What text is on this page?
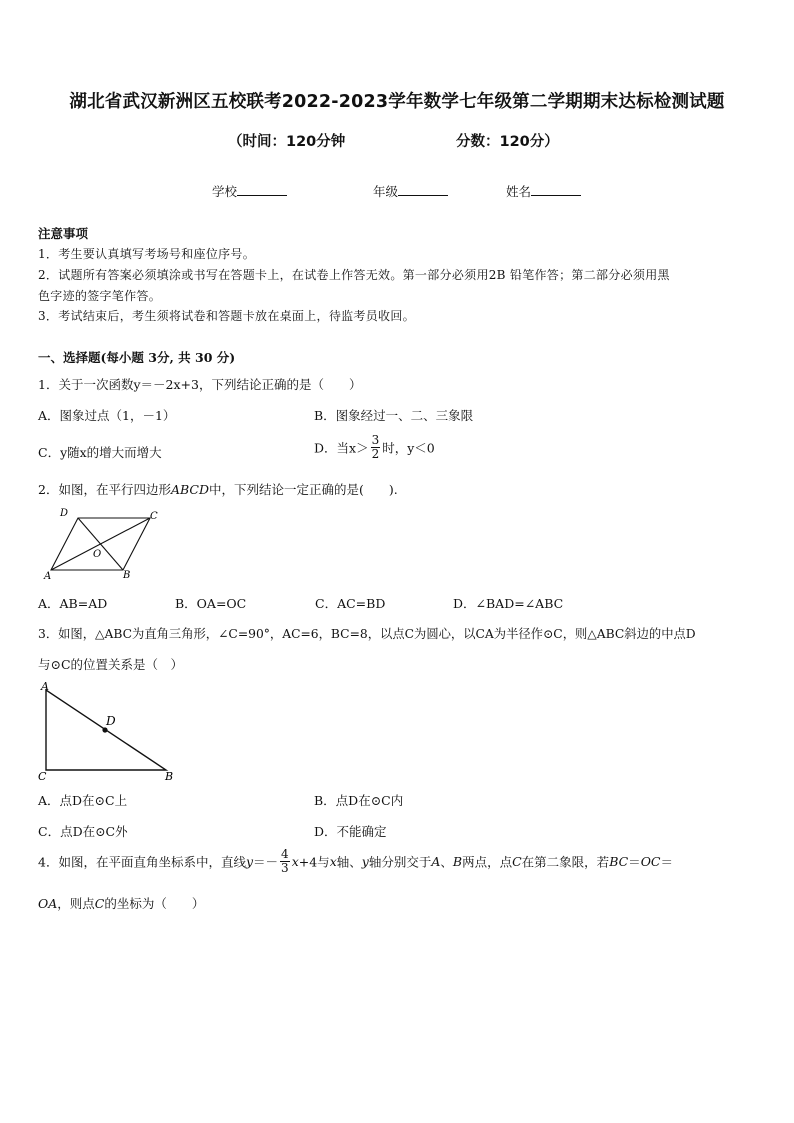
湖北省武汉新洲区五校联考2022-2023学年数学七年级第二学期期末达标检测试题
（时间：120分钟	分数：120分）
学校	年级	姓名
注意事项
1．考生要认真填写考场号和座位序号。
2．试题所有答案必须填涂或书写在答题卡上，在试卷上作答无效。第一部分必须用2B 铅笔作答；第二部分必须用黑
色字迹的签字笔作答。
3．考试结束后，考生须将试卷和答题卡放在桌面上，待监考员收回。
一、选择题(每小题 3分, 共 30 分)
1．关于一次函数y＝－2x+3，下列结论正确的是（　　）
A．图象过点（1，－1）	B．图象经过一、二、三象限
C．y随x的增大而增大	D．当$x> \frac{3}{2}$ 时，y＜0
2．如图，在平行四边形ABCD中，下列结论一定正确的是(　　).
D	C
A	B
O
A．AB=AD	B．OA=OC	C．AC=BD	D．∠BAD=∠ABC
3．如图，△ABC为直角三角形，∠C=90°，AC=6，BC=8，以点C为圆心，以CA为半径作⊙C，则△ABC斜边的中点D
与⊙C的位置关系是（　）
A
D
C	B
A．点D在⊙C上	B．点D在⊙C内
C．点D在⊙C外	D．不能确定
4．如图，在平面直角坐标系中，直线$y=- \frac{4}{3} x+4$与x轴、y轴分别交于A、B两点，点C在第二象限，若BC＝OC＝
OA，则点C的坐标为（　　）
